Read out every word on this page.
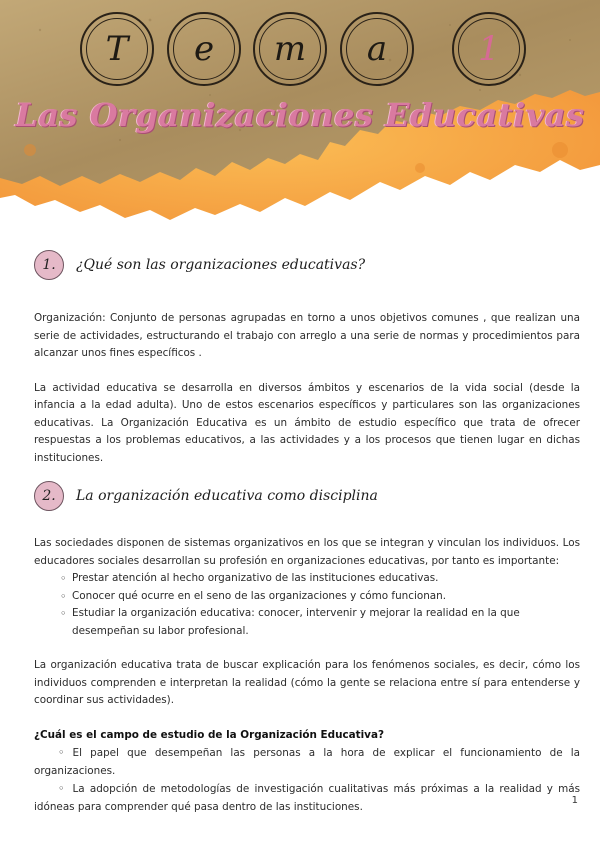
T e m a	1
Las Organizaciones Educativas
1.	¿Qué son las organizaciones educativas?

Organización: Conjunto de personas agrupadas en torno a unos objetivos comunes , que realizan una serie de actividades, estructurando el trabajo con arreglo a una serie de normas y procedimientos para alcanzar unos fines específicos .

La actividad educativa se desarrolla en diversos ámbitos y escenarios de la vida social (desde la infancia a la edad adulta). Uno de estos escenarios específicos y particulares son las organizaciones educativas. La Organización Educativa es un ámbito de estudio específico que trata de ofrecer respuestas a los problemas educativos, a las actividades y a los procesos que tienen lugar en dichas instituciones.

2.	La organización educativa como disciplina

Las sociedades disponen de sistemas organizativos en los que se integran y vinculan los individuos. Los educadores sociales desarrollan su profesión en organizaciones educativas, por tanto es importante:

◦ Prestar atención al hecho organizativo de las instituciones educativas.
◦ Conocer qué ocurre en el seno de las organizaciones y cómo funcionan.
◦ Estudiar la organización educativa: conocer, intervenir y mejorar la realidad en la que desempeñan su labor profesional.

La organización educativa trata de buscar explicación para los fenómenos sociales, es decir, cómo los individuos comprenden e interpretan la realidad (cómo la gente se relaciona entre sí para entenderse y coordinar sus actividades).

¿Cuál es el campo de estudio de la Organización Educativa?
◦ El papel que desempeñan las personas a la hora de explicar el funcionamiento de la organizaciones.
◦ La adopción de metodologías de investigación cualitativas más próximas a la realidad y más idóneas para comprender qué pasa dentro de las instituciones.	1
